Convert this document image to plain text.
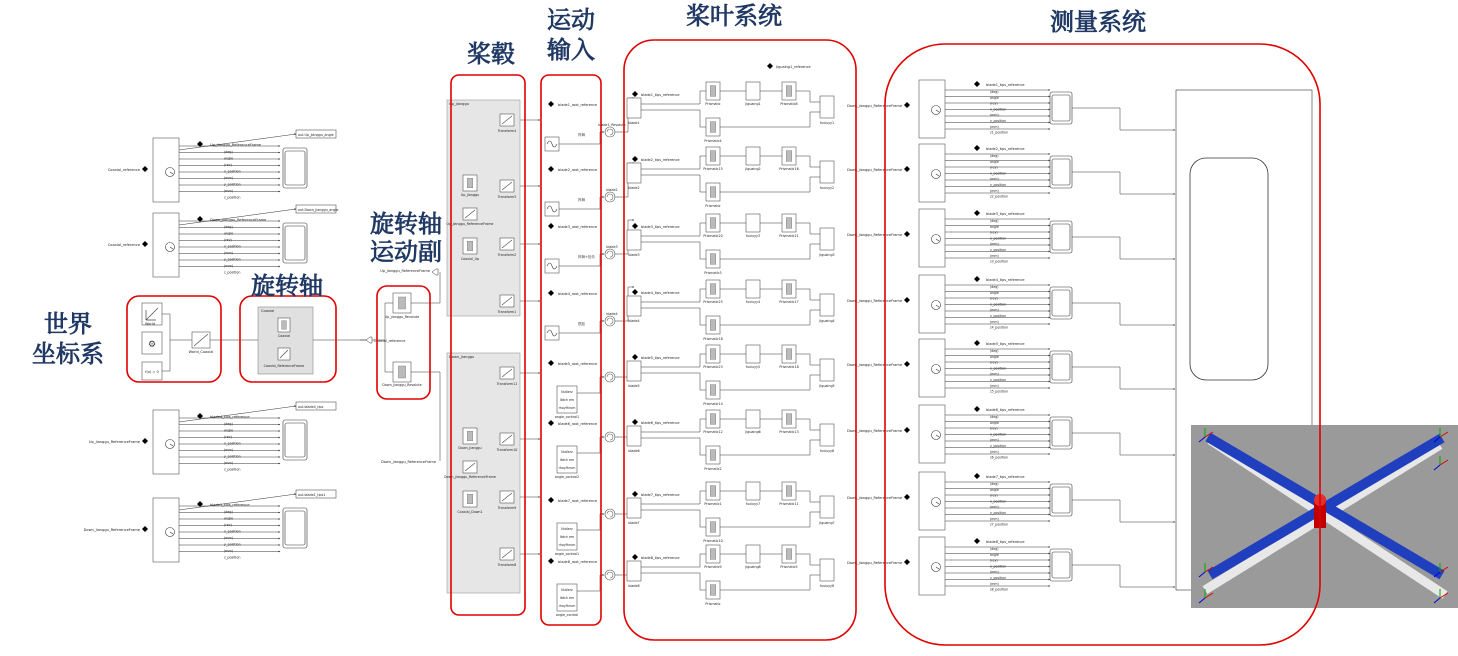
Coaxial_reference
Up_jianggu_ReferenceFrame
(deg)
angle
(rev)
x_position
(mm)
y_position
(mm)
z_position
out.Up_jianggu_angle
Coaxial_reference
Down_jianggu_ReferenceFrame
(deg)
angle
(rev)
x_position
(mm)
y_position
(mm)
z_position
out.Down_jianggu_angle
Up_jianggu_ReferenceFrame
blade4_tips_reference
(deg)
angle
(rev)
x_position
(mm)
y_position
(mm)
z_position
out.blade4_tips
Down_jianggu_ReferenceFrame
blade1_tips_reference
(deg)
angle
(rev)
x_position
(mm)
y_position
(mm)
z_position
out.blade1_tips1
World
⚙
f(x) = 0
World_Coaxial
Coaxial
Coaxial
Coaxial_ReferenceFrame
Coaxial_reference
Up_jianggu_ReferenceFrame
Up_jianggu_Revolute
Down_jianggu_Revolute
Down_jianggu_ReferenceFrame
Up_jianggu
Transform4
Transform3
Transform2
Transform1
Up_jianggu
Up_jianggu_ReferenceFrame
Coaxial_Up
Down_jianggu
Transform11
Transform10
Transform9
Transform8
Down_jianggu
Down_jianggu_ReferenceFrame
Coaxial_Down1
blade1_root_reference
挥舞
blade1_Revolute
blade2_root_reference
挥舞
blade2
blade3_root_reference
挥舞+扭转
blade3
blade4_root_reference
摆振
blade4
blade5_root_reference
Nutlerz
Ibtch em
rhoyfhrum
angle_control1
blade6_root_reference
Nutlerz
Ibtch em
rhoyfhrum
angle_control2
blade7_root_reference
Nutlerz
Ibtch em
rhoyfhrum
angle_control1
blade8_root_reference
Nutlerz
Ibtch em
rhoyfhrum
angle_control
blade1_tips_reference
Jiguaing1_reference
blade1
Prismatic	Jiguaing1	Prismatic8
Prismatic4
fuxiuyy1
blade2_tips_reference
blade2
Prismatic15	Jiguaing2	Prismatic16
Prismatic
fuxiuyy2
blade3_tips_reference
blade3
Prismatic20	fuxiuyy3	Prismatic21
Prismatic3
Jiguaing3
blade4_tips_reference
blade4
Prismatic25	fuxiuyy4	Prismatic17
Prismatic18
Jiguaing4
blade5_tips_reference
blade5
Prismatic23	fuxiuyy5	Prismatic18
Prismatic14
Jiguaing5
blade6_tips_reference
blade6
Prismatic12	Jiguaing6	Prismatic13
Prismatic2
fuxiuyy6
blade7_tips_reference
blade7
Prismatic1	fuxiuyy7	Prismatic11
Prismatic10
Jiguaing7
blade8_tips_reference
blade8
Prismatic9	Jiguaing8	Prismatic5
Prismatic
fuxiuyy8
Down_jianggu_ReferenceFrame
blade1_tips_reference
(deg)
angle
(rev)
x_position
(mm)
y_position
(mm)
z1_position
Down_jianggu_ReferenceFrame
blade2_tips_reference
(deg)
angle
(rev)
x_position
(mm)
y_position
(mm)
z2_position
Down_jianggu_ReferenceFrame
blade3_tips_reference
(deg)
angle
(rev)
x_position
(mm)
y_position
(mm)
z3_position
Down_jianggu_ReferenceFrame
blade4_tips_reference
(deg)
angle
(rev)
x_position
(mm)
y_position
(mm)
z4_position
Down_jianggu_ReferenceFrame
blade5_tips_reference
(deg)
angle
(rev)
x_position
(mm)
y_position
(mm)
z5_position
Down_jianggu_ReferenceFrame
blade6_tips_reference
(deg)
angle
(rev)
x_position
(mm)
y_position
(mm)
z6_position
Down_jianggu_ReferenceFrame
blade7_tips_reference
(deg)
angle
(rev)
x_position
(mm)
y_position
(mm)
z7_position
Down_jianggu_ReferenceFrame
blade8_tips_reference
(deg)
angle
(rev)
x_position
(mm)
y_position
(mm)
z8_position
世界
坐标系
旋转轴
旋转轴
运动副
桨毂
运动
输入
桨叶系统	测量系统
